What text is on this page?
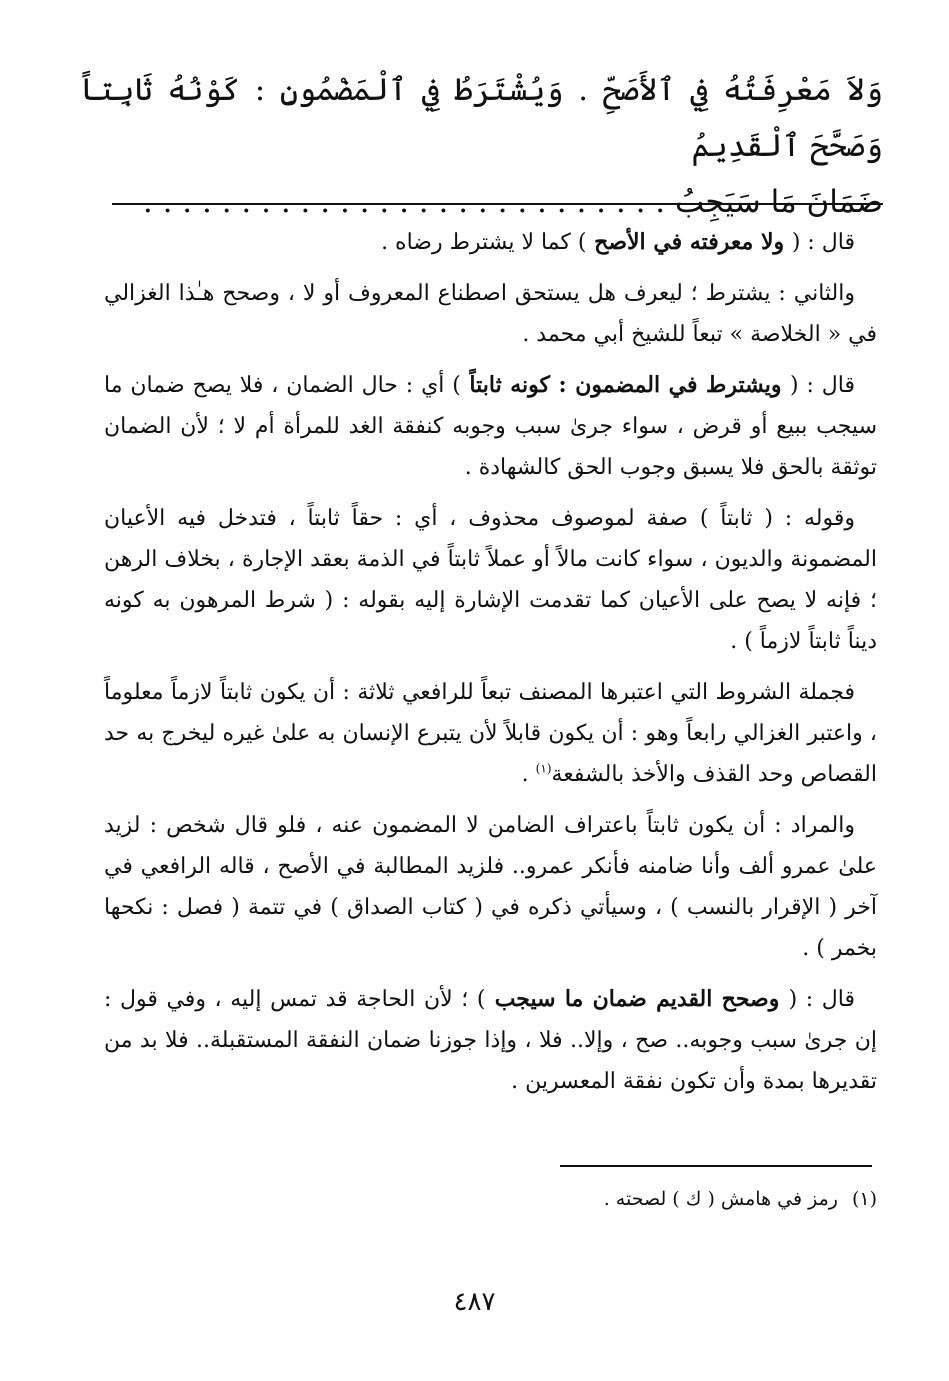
وَلاَ مَعْرِفَتُهُ فِي ٱلأَصَحِّ . وَيُشْتَرَطُ فِي ٱلْمَضْمُونِ : كَوْنُهُ ثَابِتاً وَصَحَّحَ ٱلْقَدِيمُ

ضَمَانَ مَا سَيَجِبُ . . . . . . . . . . . . . . . . . . . . . . . . . . .

قال : ( ولا معرفته في الأصح ) كما لا يشترط رضاه .

والثاني : يشترط ؛ ليعرف هل يستحق اصطناع المعروف أو لا ، وصحح هـٰذا الغزالي في « الخلاصة » تبعاً للشيخ أبي محمد .

قال : ( ويشترط في المضمون : كونه ثابتاً ) أي : حال الضمان ، فلا يصح ضمان ما سيجب ببيع أو قرض ، سواء جرىٰ سبب وجوبه كنفقة الغد للمرأة أم لا ؛ لأن الضمان توثقة بالحق فلا يسبق وجوب الحق كالشهادة .

وقوله : ( ثابتاً ) صفة لموصوف محذوف ، أي : حقاً ثابتاً ، فتدخل فيه الأعيان المضمونة والديون ، سواء كانت مالاً أو عملاً ثابتاً في الذمة بعقد الإجارة ، بخلاف الرهن ؛ فإنه لا يصح على الأعيان كما تقدمت الإشارة إليه بقوله : ( شرط المرهون به كونه ديناً ثابتاً لازماً ) .

فجملة الشروط التي اعتبرها المصنف تبعاً للرافعي ثلاثة : أن يكون ثابتاً لازماً معلوماً ، واعتبر الغزالي رابعاً وهو : أن يكون قابلاً لأن يتبرع الإنسان به علىٰ غيره ليخرج به حد القصاص وحد القذف والأخذ بالشفعة$^{(١)}$ .

والمراد : أن يكون ثابتاً باعتراف الضامن لا المضمون عنه ، فلو قال شخص : لزيد علىٰ عمرو ألف وأنا ضامنه فأنكر عمرو.. فلزيد المطالبة في الأصح ، قاله الرافعي في آخر ( الإقرار بالنسب ) ، وسيأتي ذكره في ( كتاب الصداق ) في تتمة ( فصل : نكحها بخمر ) .

قال : ( وصحح القديم ضمان ما سيجب ) ؛ لأن الحاجة قد تمس إليه ، وفي قول : إن جرىٰ سبب وجوبه.. صح ، وإلا.. فلا ، وإذا جوزنا ضمان النفقة المستقبلة.. فلا بد من تقديرها بمدة وأن تكون نفقة المعسرين .

(١)رمز في هامش ( ك ) لصحته .
٤٨٧
